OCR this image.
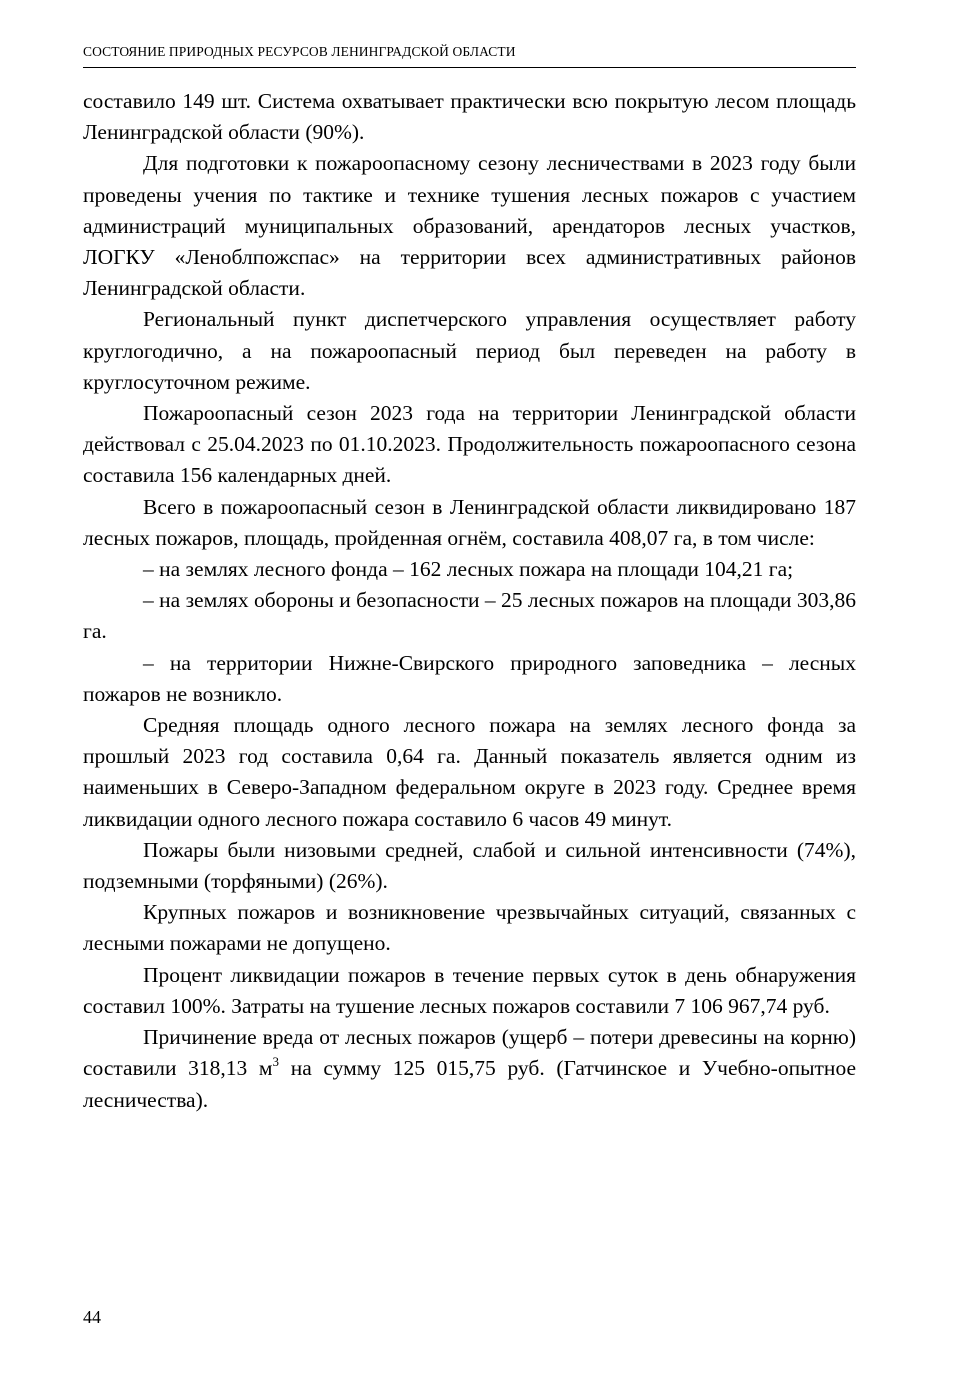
СОСТОЯНИЕ ПРИРОДНЫХ РЕСУРСОВ ЛЕНИНГРАДСКОЙ ОБЛАСТИ

составило 149 шт. Система охватывает практически всю покрытую лесом площадь Ленинградской области (90%).

Для подготовки к пожароопасному сезону лесничествами в 2023 году были проведены учения по тактике и технике тушения лесных пожаров с участием администраций муниципальных образований, арендаторов лесных участков, ЛОГКУ «Леноблпожспас» на территории всех административных районов Ленинградской области.

Региональный пункт диспетчерского управления осуществляет работу круглогодично, а на пожароопасный период был переведен на работу в круглосуточном режиме.

Пожароопасный сезон 2023 года на территории Ленинградской области действовал с 25.04.2023 по 01.10.2023. Продолжительность пожароопасного сезона составила 156 календарных дней.

Всего в пожароопасный сезон в Ленинградской области ликвидировано 187 лесных пожаров, площадь, пройденная огнём, составила 408,07 га, в том числе:

– на землях лесного фонда – 162 лесных пожара на площади 104,21 га;

– на землях обороны и безопасности – 25 лесных пожаров на площади 303,86 га.

– на территории Нижне-Свирского природного заповедника – лесных пожаров не возникло.

Средняя площадь одного лесного пожара на землях лесного фонда за прошлый 2023 год составила 0,64 га. Данный показатель является одним из наименьших в Северо-Западном федеральном округе в 2023 году. Среднее время ликвидации одного лесного пожара составило 6 часов 49 минут.

Пожары были низовыми средней, слабой и сильной интенсивности (74%), подземными (торфяными) (26%).

Крупных пожаров и возникновение чрезвычайных ситуаций, связанных с лесными пожарами не допущено.

Процент ликвидации пожаров в течение первых суток в день обнаружения составил 100%. Затраты на тушение лесных пожаров составили 7 106 967,74 руб.

Причинение вреда от лесных пожаров (ущерб – потери древесины на корню) составили 318,13 $м^3$ на сумму 125 015,75 руб. (Гатчинское и Учебно-опытное лесничества).

44
